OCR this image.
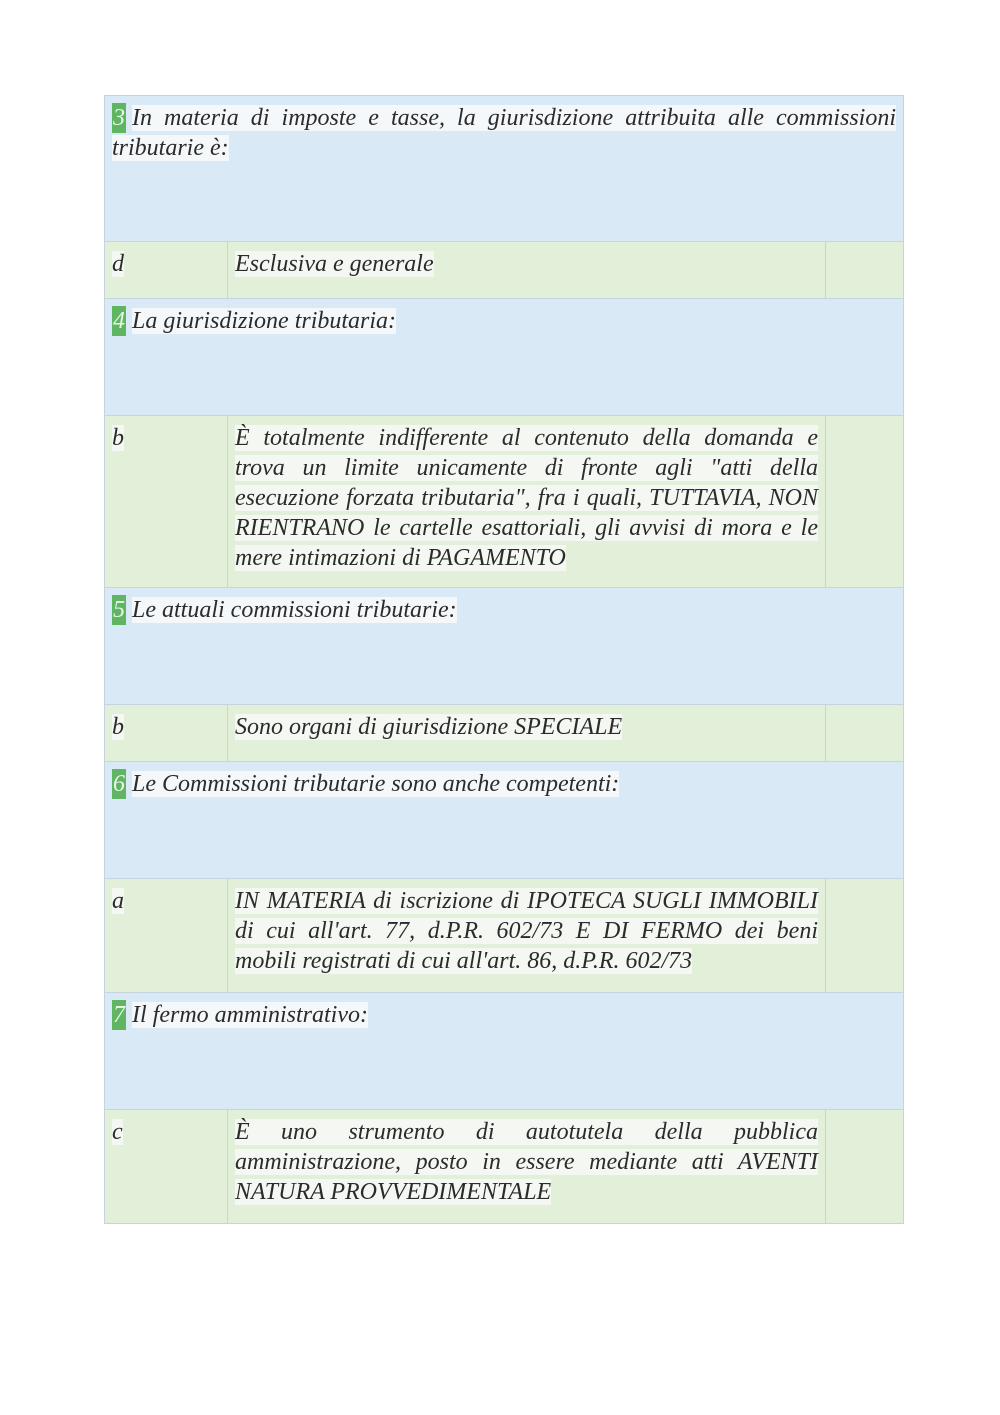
3 In materia di imposte e tasse, la giurisdizione attribuita alle commissioni tributarie è:
d	Esclusiva e generale
4 La giurisdizione tributaria:
b	È totalmente indifferente al contenuto della domanda e trova un limite unicamente di fronte agli "atti della esecuzione forzata tributaria", fra i quali, TUTTAVIA, NON RIENTRANO le cartelle esattoriali, gli avvisi di mora e le mere intimazioni di PAGAMENTO
5 Le attuali commissioni tributarie:
b	Sono organi di giurisdizione SPECIALE
6 Le Commissioni tributarie sono anche competenti:
a	IN MATERIA di iscrizione di IPOTECA SUGLI IMMOBILI di cui all'art. 77, d.P.R. 602/73 E DI FERMO dei beni mobili registrati di cui all'art. 86, d.P.R. 602/73
7 Il fermo amministrativo:
c	È uno strumento di autotutela della pubblica amministrazione, posto in essere mediante atti AVENTI NATURA PROVVEDIMENTALE
